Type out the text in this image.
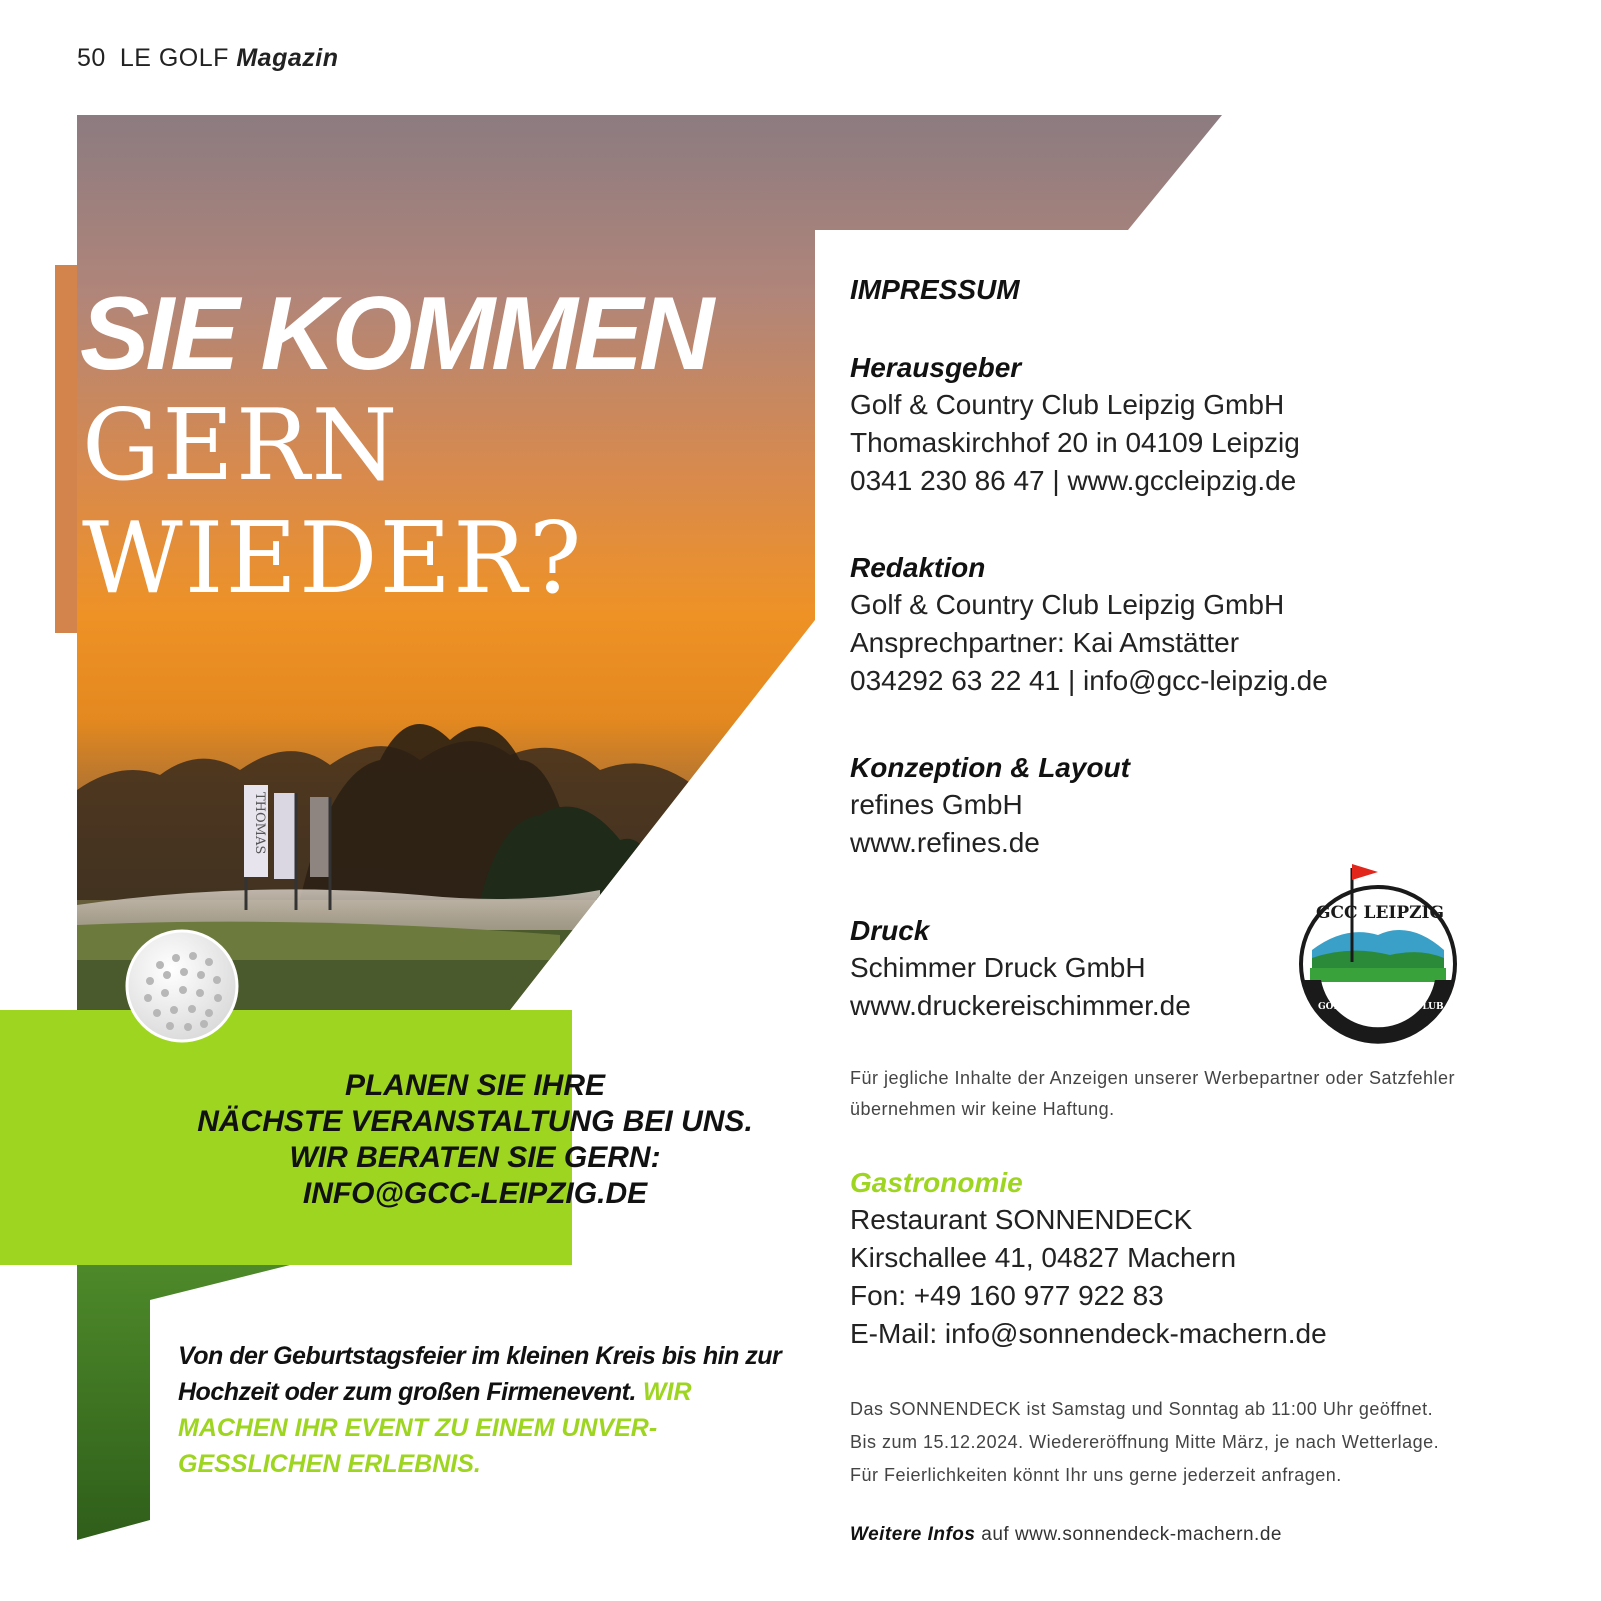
50 LE GOLF Magazin
SIE KOMMEN
GERN
WIEDER?
THOMAS
PLANEN SIE IHRE
NÄCHSTE VERANSTALTUNG BEI UNS.
WIR BERATEN SIE GERN:
INFO@GCC-LEIPZIG.DE
Von der Geburtstagsfeier im kleinen Kreis bis hin zur Hochzeit oder zum großen Firmenevent. WIR MACHEN IHR EVENT ZU EINEM UNVER-GESSLICHEN ERLEBNIS.
IMPRESSUM
Herausgeber
Golf & Country Club Leipzig GmbH
Thomaskirchhof 20 in 04109 Leipzig
0341 230 86 47 | www.gccleipzig.de
Redaktion
Golf & Country Club Leipzig GmbH
Ansprechpartner: Kai Amstätter
034292 63 22 41 | info@gcc-leipzig.de
Konzeption & Layout
refines GmbH
www.refines.de
Druck
Schimmer Druck GmbH
www.druckereischimmer.de
GCC LEIPZIG
GOLF & COUNTRY CLUB
Für jegliche Inhalte der Anzeigen unserer Werbepartner oder Satzfehler übernehmen wir keine Haftung.
Gastronomie
Restaurant SONNENDECK
Kirschallee 41, 04827 Machern
Fon: +49 160 977 922 83
E-Mail: info@sonnendeck-machern.de
Das SONNENDECK ist Samstag und Sonntag ab 11:00 Uhr geöffnet.
Bis zum 15.12.2024. Wiedereröffnung Mitte März, je nach Wetterlage.
Für Feierlichkeiten könnt Ihr uns gerne jederzeit anfragen.
Weitere Infos auf www.sonnendeck-machern.de
